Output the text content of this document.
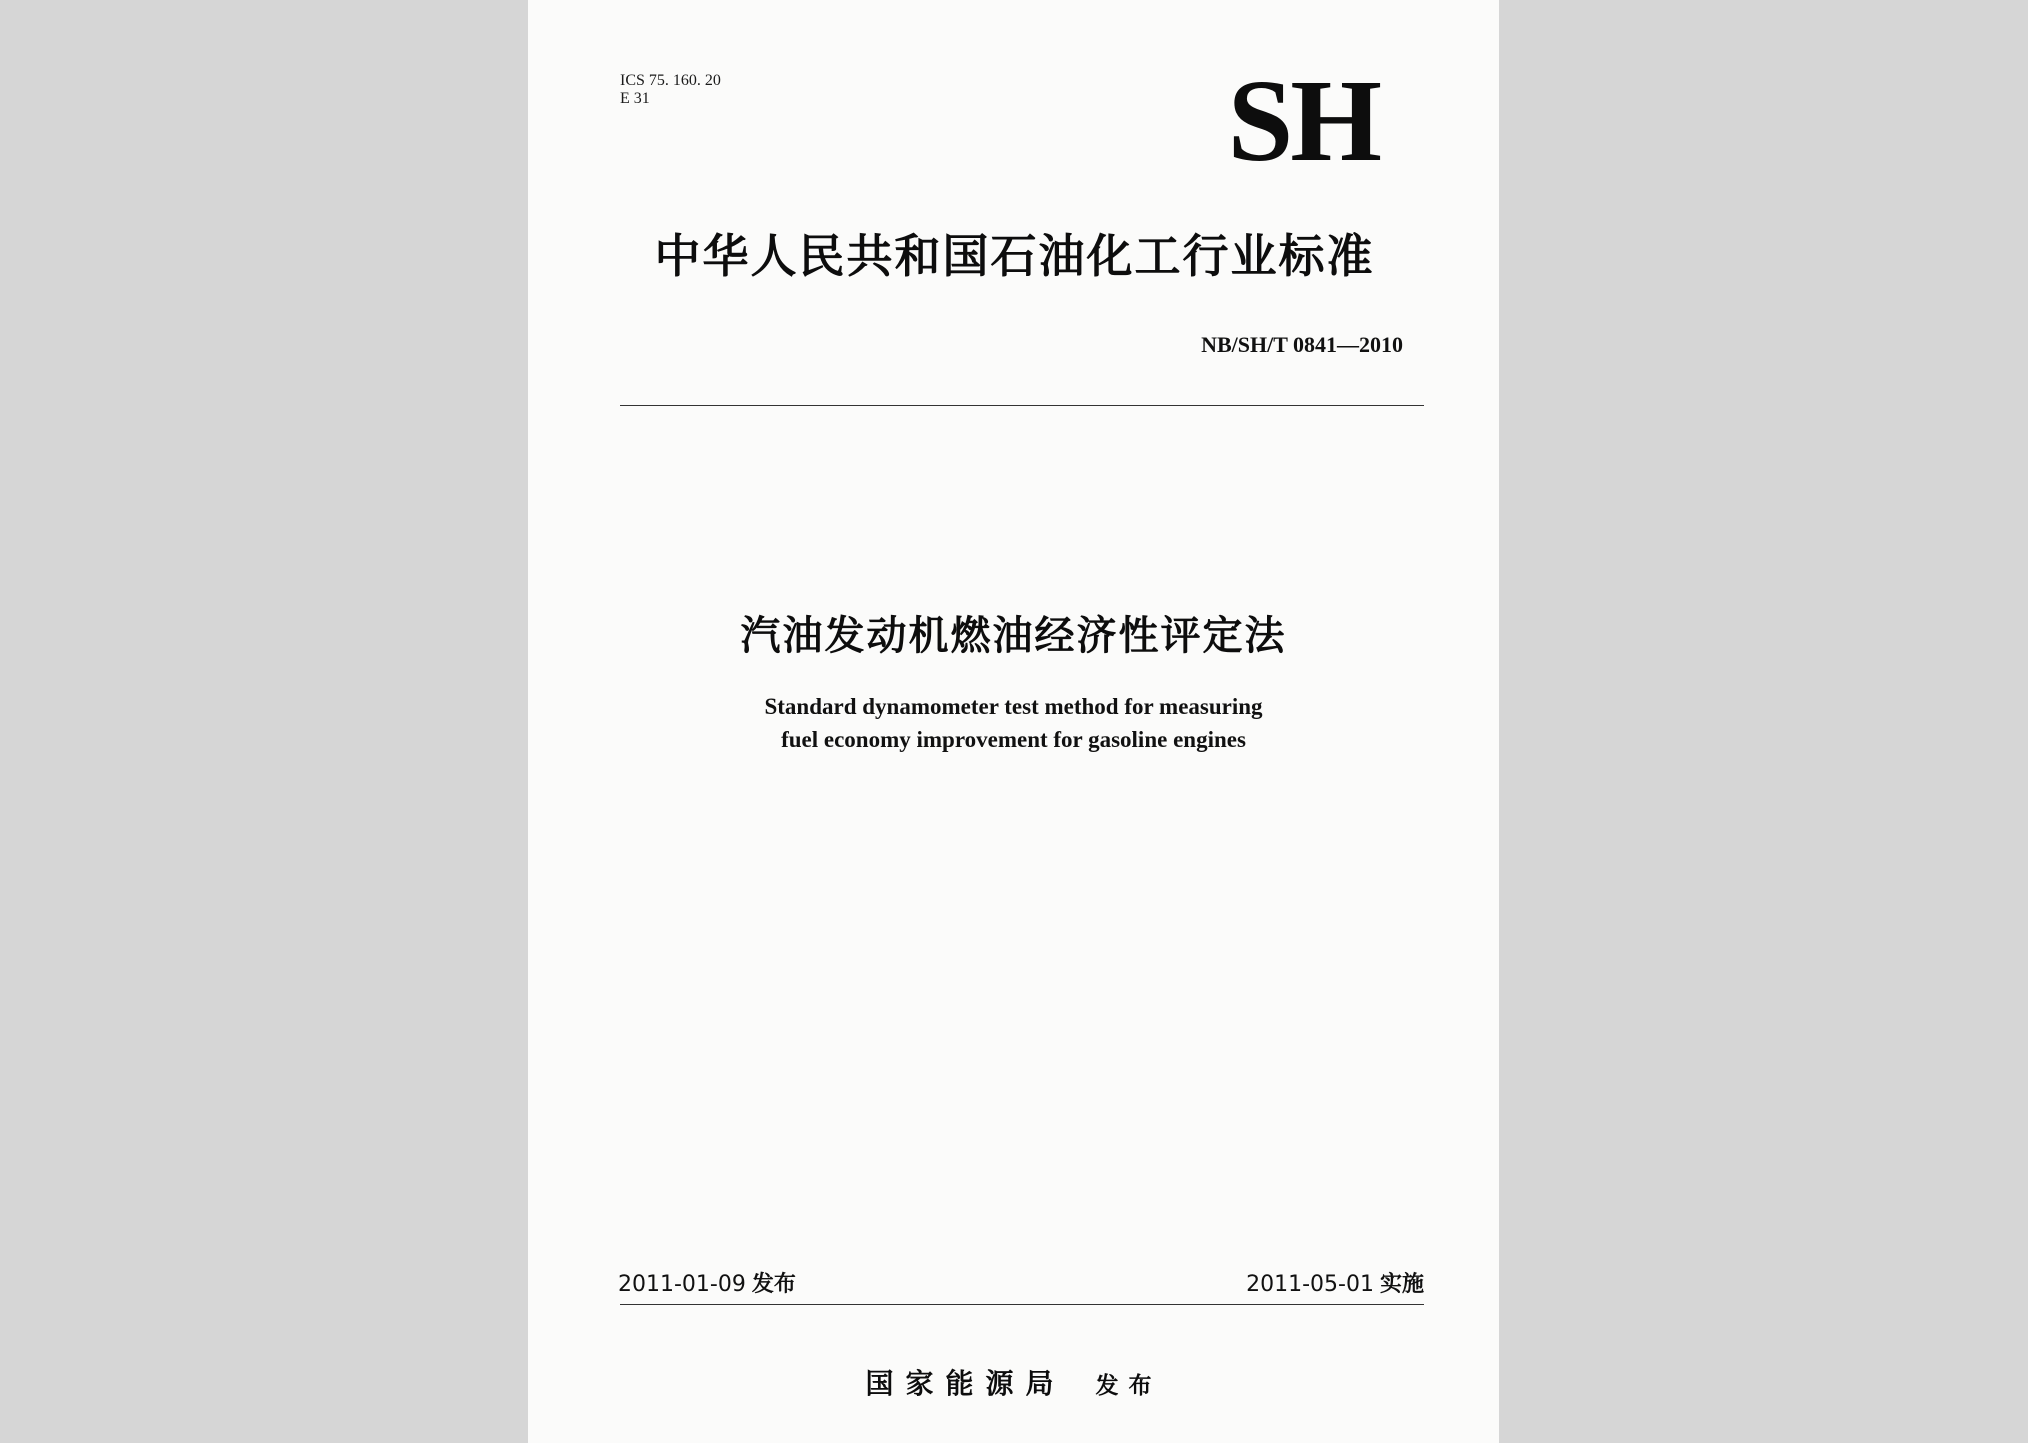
ICS 75. 160. 20
E 31	SH
中华人民共和国石油化工行业标准
NB/SH/T 0841—2010
汽油发动机燃油经济性评定法
Standard dynamometer test method for measuring
fuel economy improvement for gasoline engines
2011-01-09 发布	2011-05-01 实施
国家能源局 发布
